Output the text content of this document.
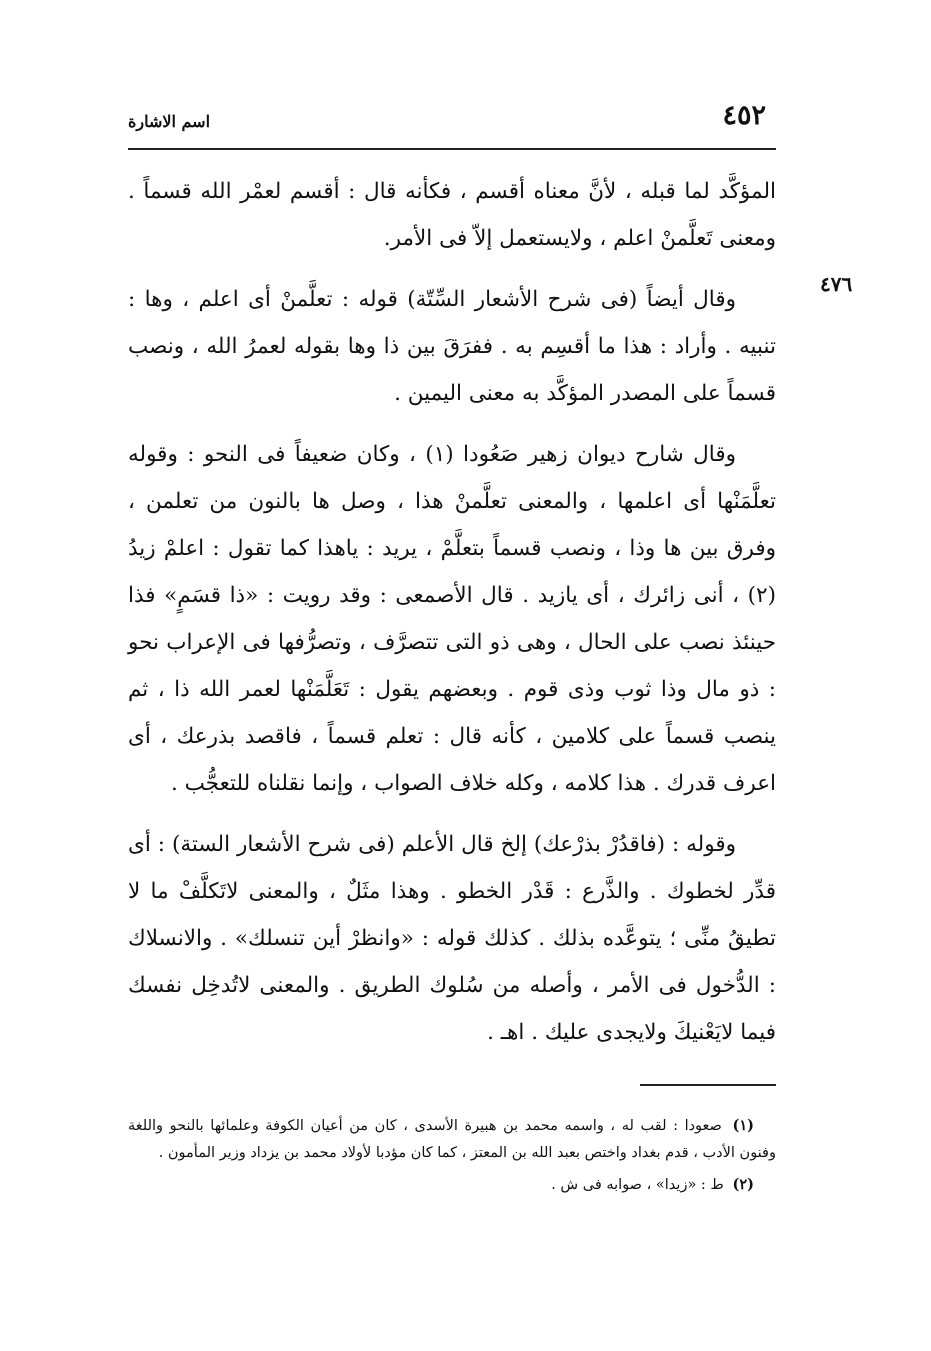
٤٥٢
اسم الاشارة
٤٧٦

المؤكَّد لما قبله ، لأنَّ معناه أقسم ، فكأنه قال : أقسم لعمْر الله قسماً . ومعنى تَعلَّمنْ اعلم ، ولايستعمل إلاّ فى الأمر.

وقال أيضاً (فى شرح الأشعار السِّتّة) قوله : تعلَّمنْ أى اعلم ، وها : تنبيه . وأراد : هذا ما أقسِم به . ففرَقَ بين ذا وها بقوله لعمرُ الله ، ونصب قسماً على المصدر المؤكَّد به معنى اليمين .

وقال شارح ديوان زهير صَعُودا (١) ، وكان ضعيفاً فى النحو : وقوله تعلَّمَنْها أى اعلمها ، والمعنى تعلَّمنْ هذا ، وصل ها بالنون من تعلمن ، وفرق بين ها وذا ، ونصب قسماً بتعلَّمْ ، يريد : ياهذا كما تقول : اعلمْ زيدُ (٢) ، أنى زائرك ، أى يازيد . قال الأصمعى : وقد رويت : «ذا قسَمٍ» فذا حينئذ نصب على الحال ، وهى ذو التى تتصرَّف ، وتصرُّفها فى الإعراب نحو : ذو مال وذا ثوب وذى قوم . وبعضهم يقول : تَعَلَّمَنْها لعمر الله ذا ، ثم ينصب قسماً على كلامين ، كأنه قال : تعلم قسماً ، فاقصد بذرعك ، أى اعرف قدرك . هذا كلامه ، وكله خلاف الصواب ، وإنما نقلناه للتعجُّب .

وقوله : (فاقدُرْ بذرْعك) إلخ قال الأعلم (فى شرح الأشعار الستة) : أى قدِّر لخطوك . والذَّرع : قَدْر الخطو . وهذا مثَلٌ ، والمعنى لاتَكلَّفْ ما لا تطيقُ منِّى ؛ يتوعَّده بذلك . كذلك قوله : «وانظرْ أين تنسلك» . والانسلاك : الدُّخول فى الأمر ، وأصله من سُلوك الطريق . والمعنى لاتُدخِل نفسك فيما لايَعْنيكَ ولايجدى عليك . اهـ .

(١) صعودا : لقب له ، واسمه محمد بن هبيرة الأسدى ، كان من أعيان الكوفة وعلمائها بالنحو واللغة وفنون الأدب ، قدم بغداد واختص بعبد الله بن المعتز ، كما كان مؤدبا لأولاد محمد بن يزداد وزير المأمون .

(٢) ط : «زيدا» ، صوابه فى ش .
